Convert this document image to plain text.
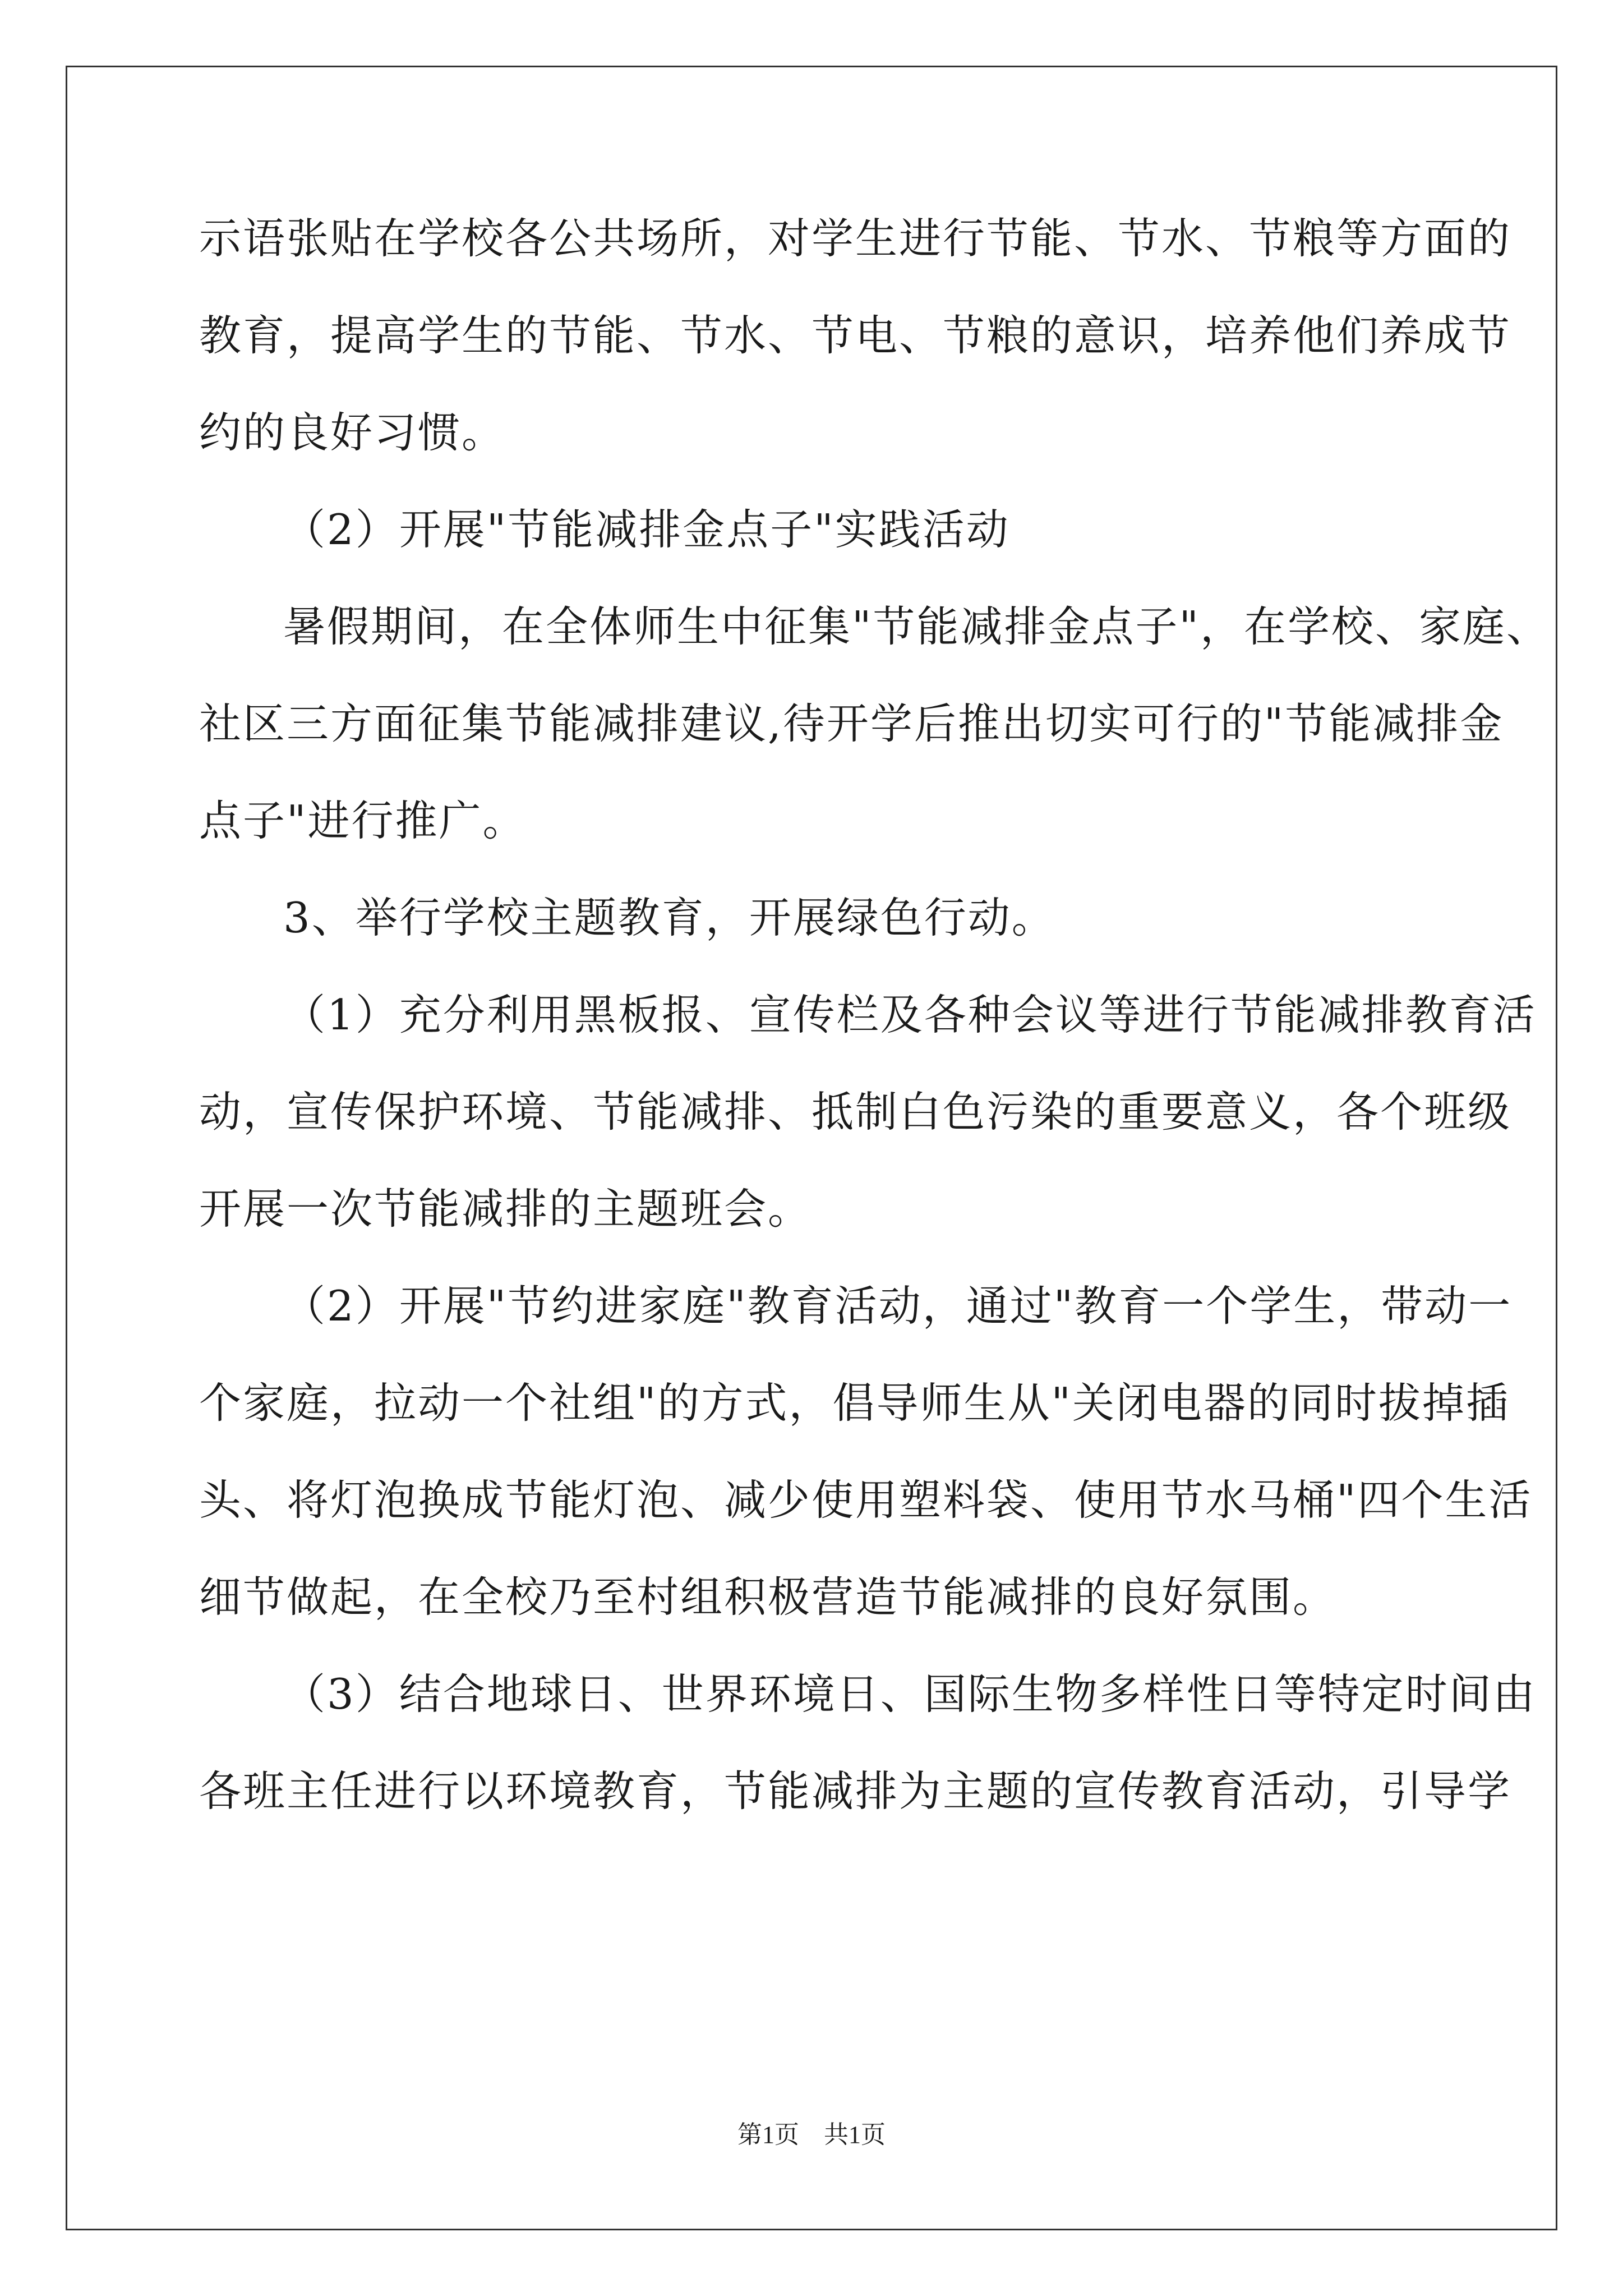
示语张贴在学校各公共场所，对学生进行节能、节水、节粮等方面的
教育，提高学生的节能、节水、节电、节粮的意识，培养他们养成节
约的良好习惯。
（2）开展"节能减排金点子"实践活动
暑假期间，在全体师生中征集"节能减排金点子"，在学校、家庭、
社区三方面征集节能减排建议,待开学后推出切实可行的"节能减排金
点子"进行推广。
3、举行学校主题教育，开展绿色行动。
（1）充分利用黑板报、宣传栏及各种会议等进行节能减排教育活
动，宣传保护环境、节能减排、抵制白色污染的重要意义，各个班级
开展一次节能减排的主题班会。
（2）开展"节约进家庭"教育活动，通过"教育一个学生，带动一
个家庭，拉动一个社组"的方式，倡导师生从"关闭电器的同时拔掉插
头、将灯泡换成节能灯泡、减少使用塑料袋、使用节水马桶"四个生活
细节做起，在全校乃至村组积极营造节能减排的良好氛围。
（3）结合地球日、世界环境日、国际生物多样性日等特定时间由
各班主任进行以环境教育，节能减排为主题的宣传教育活动，引导学
第1页　共1页
